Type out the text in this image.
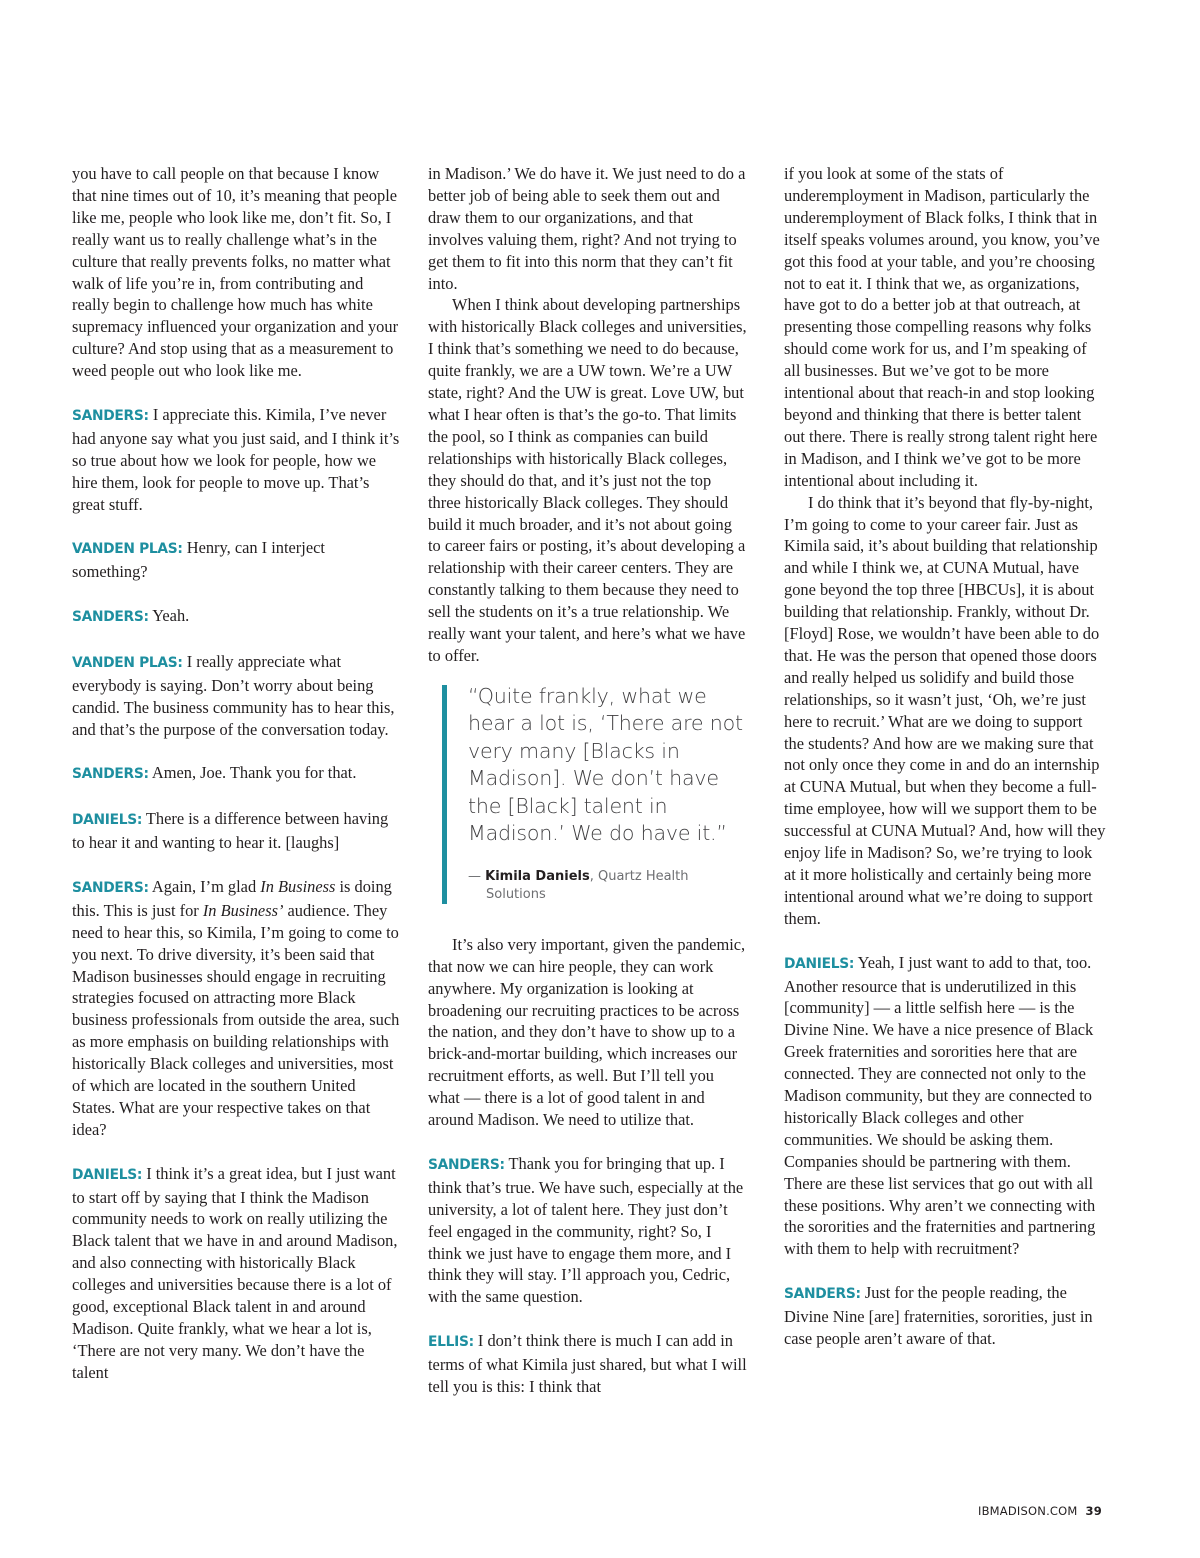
you have to call people on that because I know that nine times out of 10, it’s meaning that people like me, people who look like me, don’t fit. So, I really want us to really challenge what’s in the culture that really prevents folks, no matter what walk of life you’re in, from contributing and really begin to challenge how much has white supremacy influenced your organization and your culture? And stop using that as a measurement to weed people out who look like me.

SANDERS: I appreciate this. Kimila, I’ve never had anyone say what you just said, and I think it’s so true about how we look for people, how we hire them, look for people to move up. That’s great stuff.

VANDEN PLAS: Henry, can I interject something?

SANDERS: Yeah.

VANDEN PLAS: I really appreciate what everybody is saying. Don’t worry about being candid. The business community has to hear this, and that’s the purpose of the conversation today.

SANDERS: Amen, Joe. Thank you for that.

DANIELS: There is a difference between having to hear it and wanting to hear it. [laughs]

SANDERS: Again, I’m glad In Business is doing this. This is just for In Business’ audience. They need to hear this, so Kimila, I’m going to come to you next. To drive diversity, it’s been said that Madison businesses should engage in recruiting strategies focused on attracting more Black business professionals from outside the area, such as more emphasis on building relationships with historically Black colleges and universities, most of which are located in the southern United States. What are your respective takes on that idea?

DANIELS: I think it’s a great idea, but I just want to start off by saying that I think the Madison community needs to work on really utilizing the Black talent that we have in and around Madison, and also connecting with historically Black colleges and universities because there is a lot of good, exceptional Black talent in and around Madison. Quite frankly, what we hear a lot is, ‘There are not very many. We don’t have the talent

in Madison.’ We do have it. We just need to do a better job of being able to seek them out and draw them to our organizations, and that involves valuing them, right? And not trying to get them to fit into this norm that they can’t fit into.

When I think about developing partnerships with historically Black colleges and universities, I think that’s something we need to do because, quite frankly, we are a UW town. We’re a UW state, right? And the UW is great. Love UW, but what I hear often is that’s the go-to. That limits the pool, so I think as companies can build relationships with historically Black colleges, they should do that, and it’s just not the top three historically Black colleges. They should build it much broader, and it’s not about going to career fairs or posting, it’s about developing a relationship with their career centers. They are constantly talking to them because they need to sell the students on it’s a true relationship. We really want your talent, and here’s what we have to offer.

“Quite frankly, what we hear a lot is, ‘There are not very many [Blacks in Madison]. We don’t have the [Black] talent in Madison.’ We do have it.”

— Kimila Daniels, Quartz Health Solutions

It’s also very important, given the pandemic, that now we can hire people, they can work anywhere. My organization is looking at broadening our recruiting practices to be across the nation, and they don’t have to show up to a brick-and-mortar building, which increases our recruitment efforts, as well. But I’ll tell you what — there is a lot of good talent in and around Madison. We need to utilize that.

SANDERS: Thank you for bringing that up. I think that’s true. We have such, especially at the university, a lot of talent here. They just don’t feel engaged in the community, right? So, I think we just have to engage them more, and I think they will stay. I’ll approach you, Cedric, with the same question.

ELLIS: I don’t think there is much I can add in terms of what Kimila just shared, but what I will tell you is this: I think that

if you look at some of the stats of underemployment in Madison, particularly the underemployment of Black folks, I think that in itself speaks volumes around, you know, you’ve got this food at your table, and you’re choosing not to eat it. I think that we, as organizations, have got to do a better job at that outreach, at presenting those compelling reasons why folks should come work for us, and I’m speaking of all businesses. But we’ve got to be more intentional about that reach-in and stop looking beyond and thinking that there is better talent out there. There is really strong talent right here in Madison, and I think we’ve got to be more intentional about including it.

I do think that it’s beyond that fly-by-night, I’m going to come to your career fair. Just as Kimila said, it’s about building that relationship and while I think we, at CUNA Mutual, have gone beyond the top three [HBCUs], it is about building that relationship. Frankly, without Dr. [Floyd] Rose, we wouldn’t have been able to do that. He was the person that opened those doors and really helped us solidify and build those relationships, so it wasn’t just, ‘Oh, we’re just here to recruit.’ What are we doing to support the students? And how are we making sure that not only once they come in and do an internship at CUNA Mutual, but when they become a full-time employee, how will we support them to be successful at CUNA Mutual? And, how will they enjoy life in Madison? So, we’re trying to look at it more holistically and certainly being more intentional around what we’re doing to support them.

DANIELS: Yeah, I just want to add to that, too. Another resource that is underutilized in this [community] — a little selfish here — is the Divine Nine. We have a nice presence of Black Greek fraternities and sororities here that are connected. They are connected not only to the Madison community, but they are connected to historically Black colleges and other communities. We should be asking them. Companies should be partnering with them. There are these list services that go out with all these positions. Why aren’t we connecting with the sororities and the fraternities and partnering with them to help with recruitment?

SANDERS: Just for the people reading, the Divine Nine [are] fraternities, sororities, just in case people aren’t aware of that.

IBMADISON.COM 39
